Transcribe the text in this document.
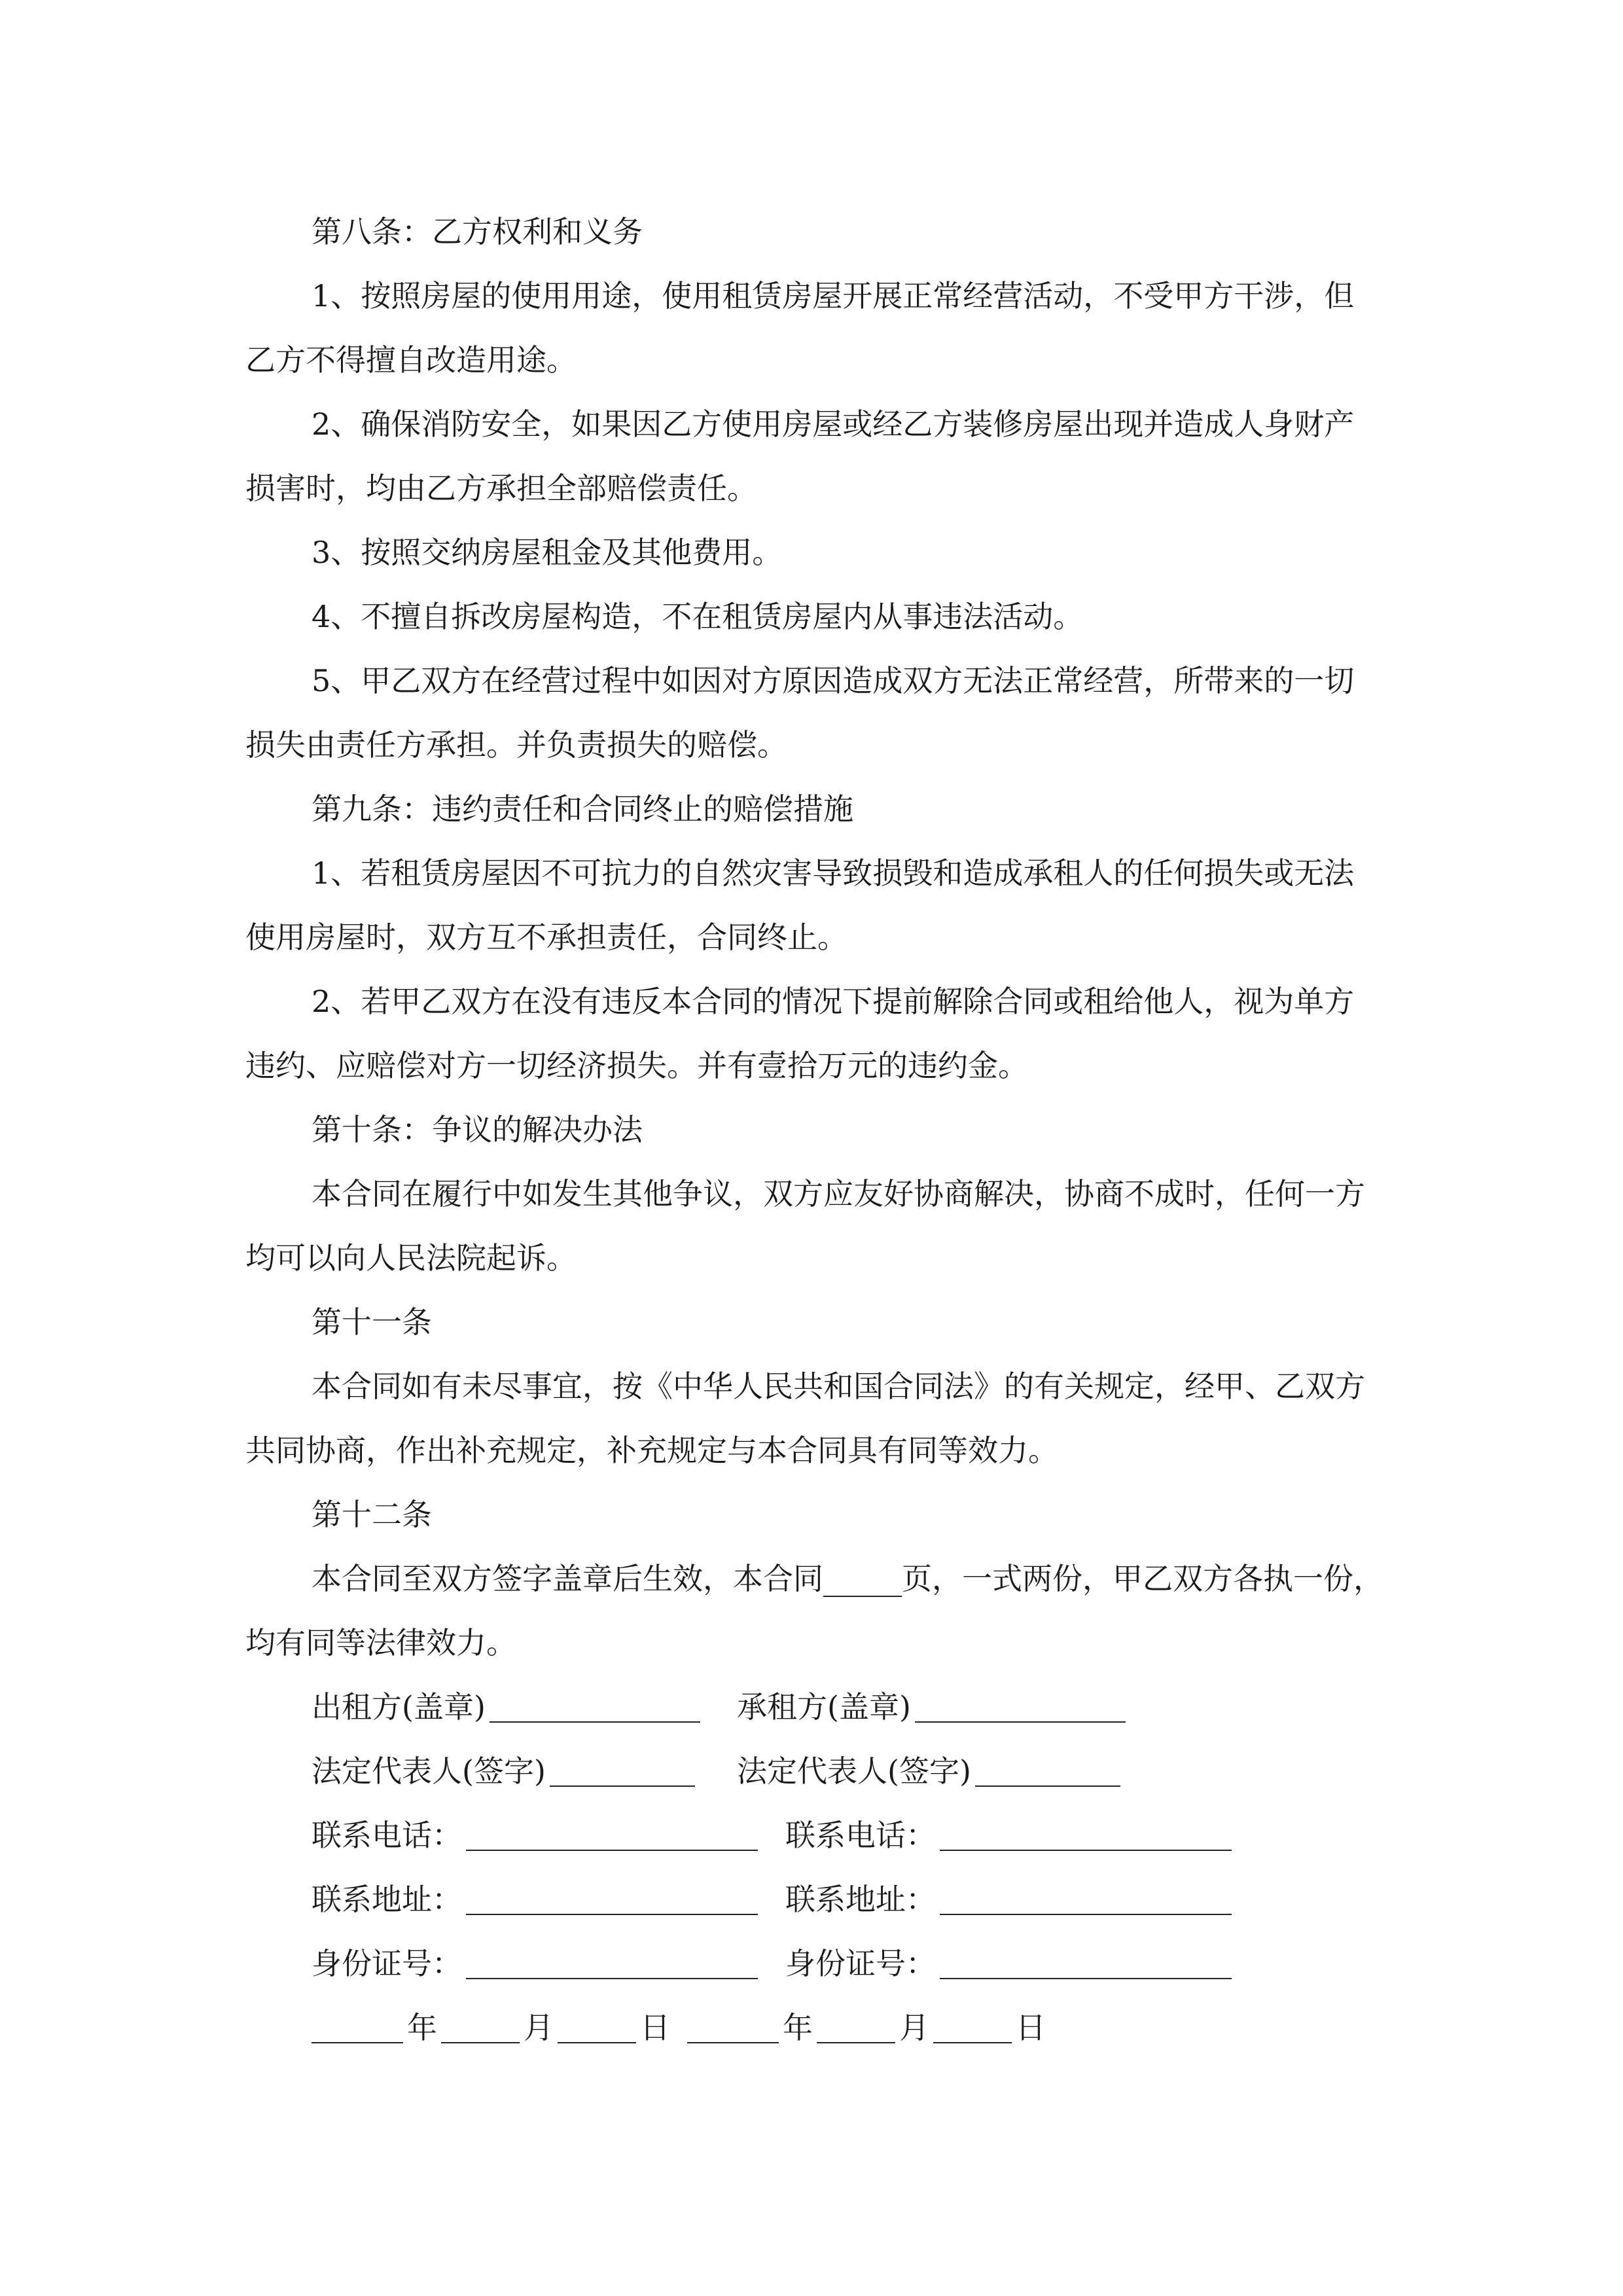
第八条：乙方权利和义务

1、按照房屋的使用用途，使用租赁房屋开展正常经营活动，不受甲方干涉，但乙方不得擅自改造用途。

2、确保消防安全，如果因乙方使用房屋或经乙方装修房屋出现并造成人身财产损害时，均由乙方承担全部赔偿责任。

3、按照交纳房屋租金及其他费用。

4、不擅自拆改房屋构造，不在租赁房屋内从事违法活动。

5、甲乙双方在经营过程中如因对方原因造成双方无法正常经营，所带来的一切损失由责任方承担。并负责损失的赔偿。

第九条：违约责任和合同终止的赔偿措施

1、若租赁房屋因不可抗力的自然灾害导致损毁和造成承租人的任何损失或无法使用房屋时，双方互不承担责任，合同终止。

2、若甲乙双方在没有违反本合同的情况下提前解除合同或租给他人，视为单方违约、应赔偿对方一切经济损失。并有壹拾万元的违约金。

第十条：争议的解决办法

本合同在履行中如发生其他争议，双方应友好协商解决，协商不成时，任何一方均可以向人民法院起诉。

第十一条

本合同如有未尽事宜，按《中华人民共和国合同法》的有关规定，经甲、乙双方共同协商，作出补充规定，补充规定与本合同具有同等效力。

第十二条

本合同至双方签字盖章后生效，本合同	页，一式两份，甲乙双方各执一份，均有同等法律效力。

出租方(盖章)	承租方(盖章)
法定代表人(签字)	法定代表人(签字)
联系电话：	联系电话：
联系地址：	联系地址：
身份证号：	身份证号：
年	月	日	年	月	日
